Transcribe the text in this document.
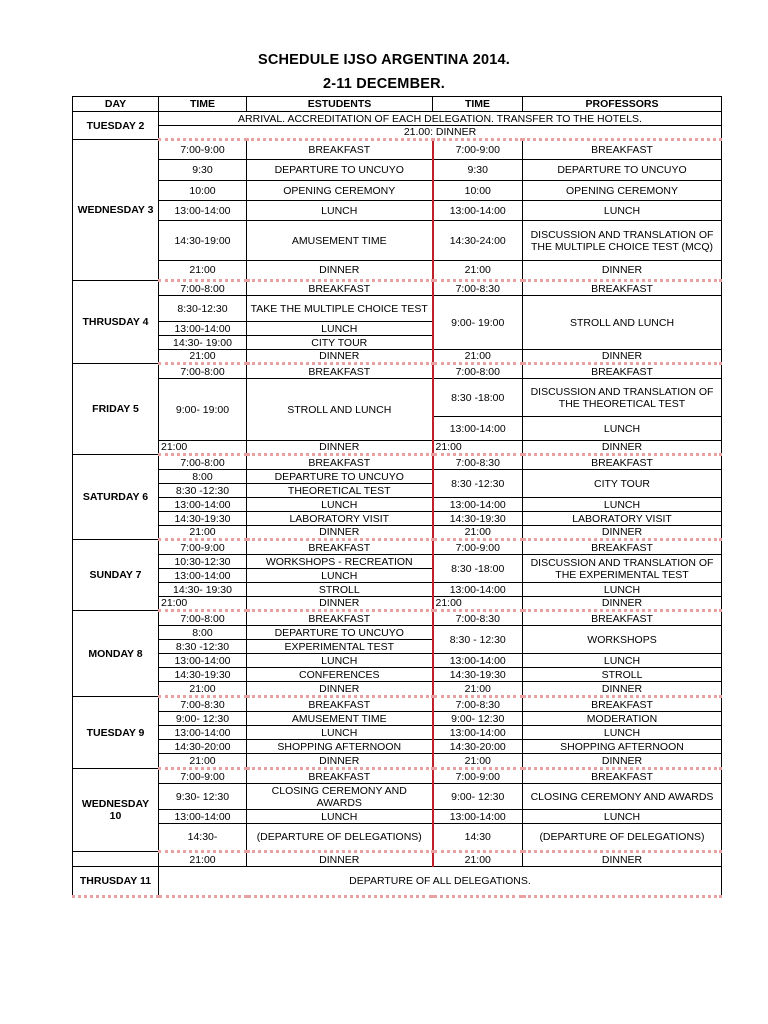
SCHEDULE IJSO ARGENTINA 2014.
2-11 DECEMBER.
DAY	TIME	ESTUDENTS	TIME	PROFESSORS
TUESDAY 2	ARRIVAL. ACCREDITATION OF EACH DELEGATION. TRANSFER TO THE HOTELS.			
	21.00: DINNER			
WEDNESDAY 3	7:00-9:00	BREAKFAST	7:00-9:00	BREAKFAST
	9:30	DEPARTURE TO UNCUYO	9:30	DEPARTURE TO UNCUYO
	10:00	OPENING CEREMONY	10:00	OPENING CEREMONY
	13:00-14:00	LUNCH	13:00-14:00	LUNCH
	14:30-19:00	AMUSEMENT TIME	14:30-24:00	DISCUSSION AND TRANSLATION OF THE MULTIPLE CHOICE TEST (MCQ)
	21:00	DINNER	21:00	DINNER
THRUSDAY 4	7:00-8:00	BREAKFAST	7:00-8:30	BREAKFAST
	8:30-12:30	TAKE THE MULTIPLE CHOICE TEST	9:00- 19:00	STROLL AND LUNCH
	13:00-14:00	LUNCH		
	14:30- 19:00	CITY TOUR		
	21:00	DINNER	21:00	DINNER
FRIDAY 5	7:00-8:00	BREAKFAST	7:00-8:00	BREAKFAST
	9:00- 19:00	STROLL AND LUNCH	8:30 -18:00	DISCUSSION AND TRANSLATION OF THE THEORETICAL TEST
			13:00-14:00	LUNCH
	21:00	DINNER	21:00	DINNER
SATURDAY 6	7:00-8:00	BREAKFAST	7:00-8:30	BREAKFAST
	8:00	DEPARTURE TO UNCUYO	8:30 -12:30	CITY TOUR
	8:30 -12:30	THEORETICAL TEST		
	13:00-14:00	LUNCH	13:00-14:00	LUNCH
	14:30-19:30	LABORATORY VISIT	14:30-19:30	LABORATORY VISIT
	21:00	DINNER	21:00	DINNER
SUNDAY 7	7:00-9:00	BREAKFAST	7:00-9:00	BREAKFAST
	10:30-12:30	WORKSHOPS - RECREATION	8:30 -18:00	DISCUSSION AND TRANSLATION OF THE EXPERIMENTAL TEST
	13:00-14:00	LUNCH		
	14:30- 19:30	STROLL	13:00-14:00	LUNCH
	21:00	DINNER	21:00	DINNER
MONDAY 8	7:00-8:00	BREAKFAST	7:00-8:30	BREAKFAST
	8:00	DEPARTURE TO UNCUYO	8:30 - 12:30	WORKSHOPS
	8:30 -12:30	EXPERIMENTAL TEST		
	13:00-14:00	LUNCH	13:00-14:00	LUNCH
	14:30-19:30	CONFERENCES	14:30-19:30	STROLL
	21:00	DINNER	21:00	DINNER
TUESDAY 9	7:00-8:30	BREAKFAST	7:00-8:30	BREAKFAST
	9:00- 12:30	AMUSEMENT TIME	9:00- 12:30	MODERATION
	13:00-14:00	LUNCH	13:00-14:00	LUNCH
	14:30-20:00	SHOPPING AFTERNOON	14:30-20:00	SHOPPING AFTERNOON
	21:00	DINNER	21:00	DINNER
WEDNESDAY 10	7:00-9:00	BREAKFAST	7:00-9:00	BREAKFAST
	9:30- 12:30	CLOSING CEREMONY AND AWARDS	9:00- 12:30	CLOSING CEREMONY AND AWARDS
	13:00-14:00	LUNCH	13:00-14:00	LUNCH
	14:30-	(DEPARTURE OF DELEGATIONS)	14:30	(DEPARTURE OF DELEGATIONS)
	21:00	DINNER	21:00	DINNER
THRUSDAY 11	DEPARTURE OF ALL DELEGATIONS.			
